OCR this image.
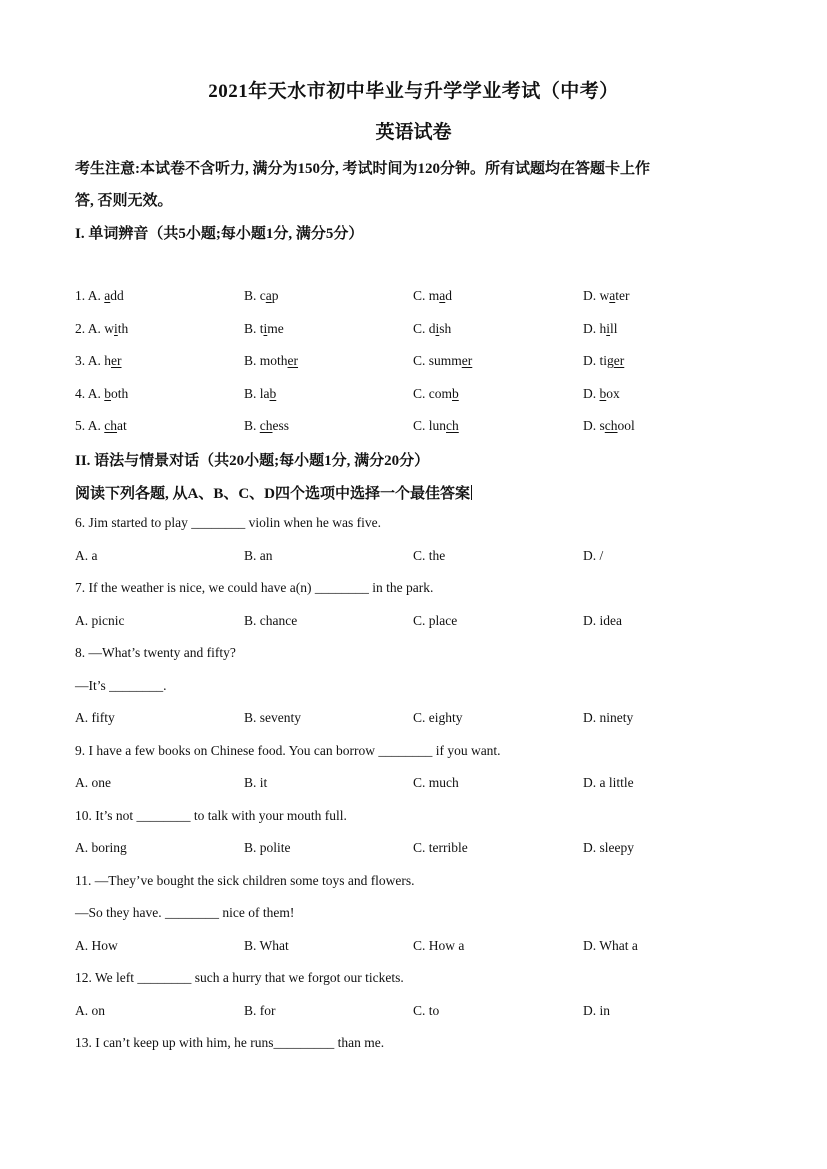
2021年天水市初中毕业与升学学业考试（中考）
英语试卷
考生注意:本试卷不含听力, 满分为150分, 考试时间为120分钟。所有试题均在答题卡上作
答, 否则无效。
I. 单词辨音（共5小题;每小题1分, 满分5分）
1. A. add	B. cap	C. mad	D. water
2. A. with	B. time	C. dish	D. hill
3. A. her	B. mother	C. summer	D. tiger
4. A. both	B. lab	C. comb	D. box
5. A. chat	B. chess	C. lunch	D. school
II. 语法与情景对话（共20小题;每小题1分, 满分20分）
阅读下列各题, 从A、B、C、D四个选项中选择一个最佳答案
6. Jim started to play ________ violin when he was five.
A. a	B. an	C. the	D. /
7. If the weather is nice, we could have a(n) ________ in the park.
A. picnic	B. chance	C. place	D. idea
8. —What’s twenty and fifty?
—It’s ________.
A. fifty	B. seventy	C. eighty	D. ninety
9. I have a few books on Chinese food. You can borrow ________ if you want.
A. one	B. it	C. much	D. a little
10. It’s not ________ to talk with your mouth full.
A. boring	B. polite	C. terrible	D. sleepy
11. —They’ve bought the sick children some toys and flowers.
—So they have. ________ nice of them!
A. How	B. What	C. How a	D. What a
12. We left ________ such a hurry that we forgot our tickets.
A. on	B. for	C. to	D. in
13. I can’t keep up with him, he runs_________ than me.
